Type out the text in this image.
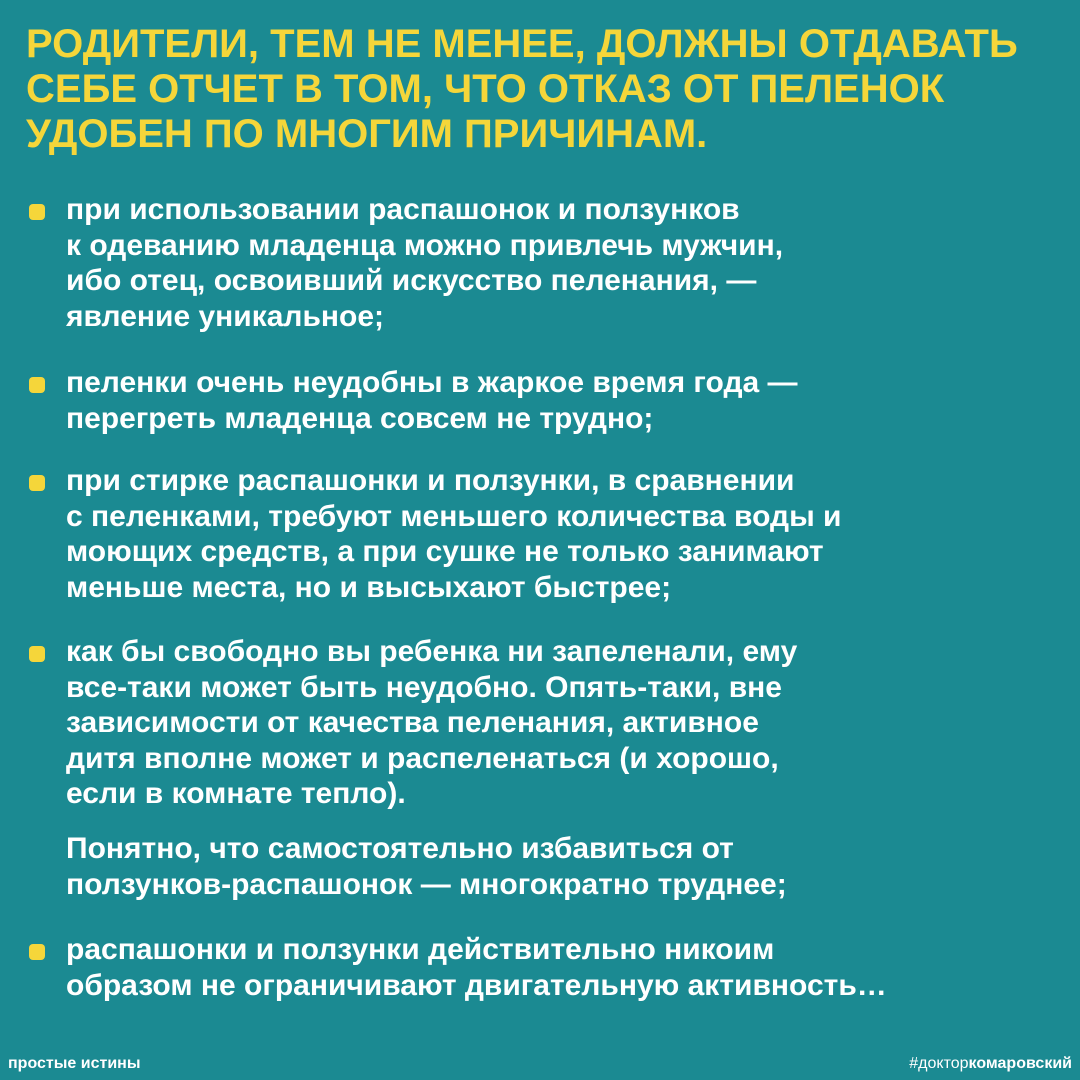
РОДИТЕЛИ, ТЕМ НЕ МЕНЕЕ, ДОЛЖНЫ ОТДАВАТЬ
СЕБЕ ОТЧЕТ В ТОМ, ЧТО ОТКАЗ ОТ ПЕЛЕНОК
УДОБЕН ПО МНОГИМ ПРИЧИНАМ.
при использовании распашонок и ползунков
к одеванию младенца можно привлечь мужчин,
ибо отец, освоивший искусство пеленания, —
явление уникальное;
пеленки очень неудобны в жаркое время года —
перегреть младенца совсем не трудно;
при стирке распашонки и ползунки, в сравнении
с пеленками, требуют меньшего количества воды и
моющих средств, а при сушке не только занимают
меньше места, но и высыхают быстрее;
как бы свободно вы ребенка ни запеленали, ему
все-таки может быть неудобно. Опять-таки, вне
зависимости от качества пеленания, активное
дитя вполне может и распеленаться (и хорошо,
если в комнате тепло).
Понятно, что самостоятельно избавиться от
ползунков-распашонок — многократно труднее;
распашонки и ползунки действительно никоим
образом не ограничивают двигательную активность…
простые истины	#докторкомаровский
